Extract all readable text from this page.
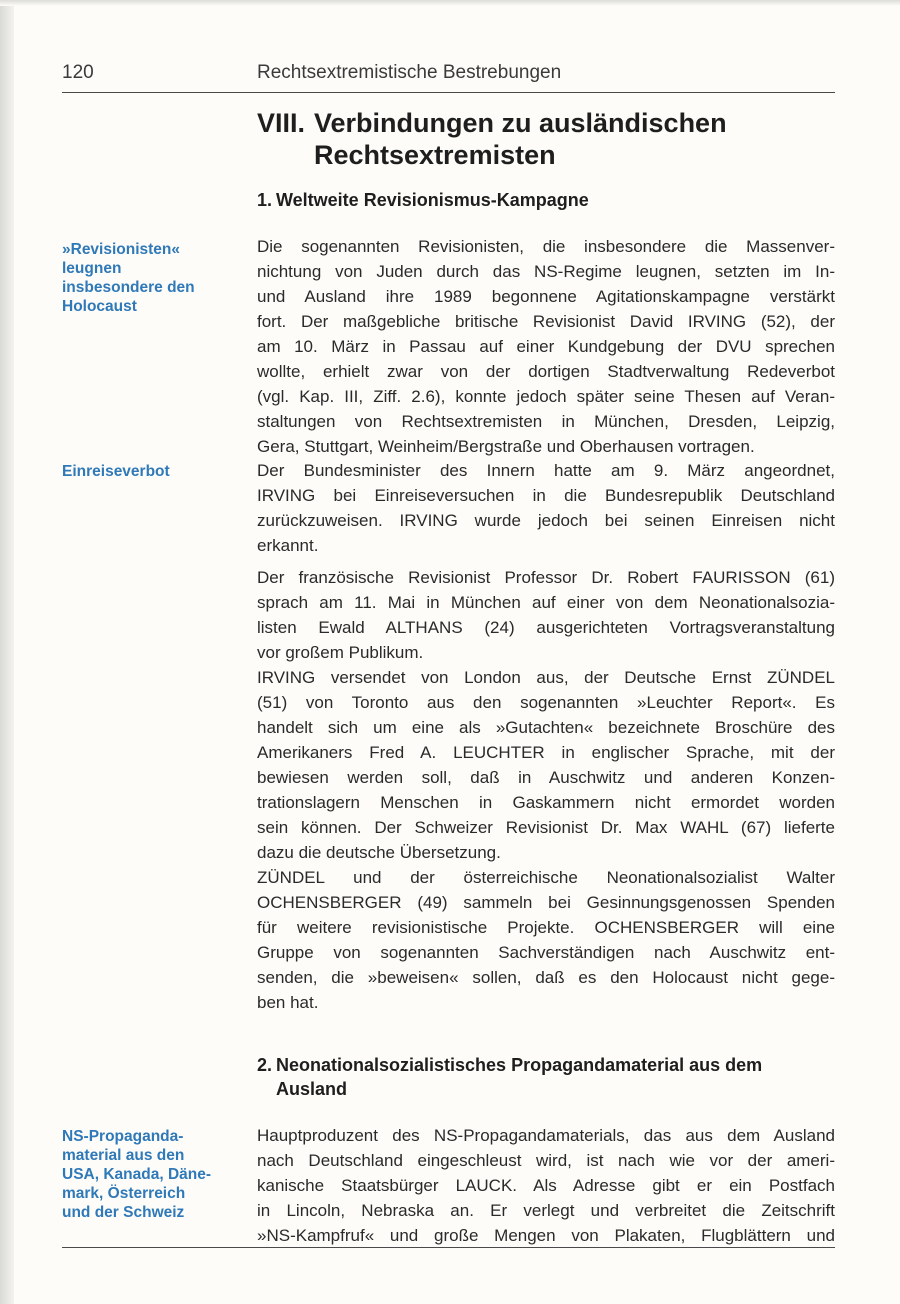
120	Rechtsextremistische Bestrebungen
VIII. Verbindungen zu ausländischen
Rechtsextremisten
1. Weltweite Revisionismus-Kampagne
»Revisionisten«
leugnen
insbesondere den
Holocaust

Die sogenannten Revisionisten, die insbesondere die Massenver-
nichtung von Juden durch das NS-Regime leugnen, setzten im In-
und Ausland ihre 1989 begonnene Agitationskampagne verstärkt
fort. Der maßgebliche britische Revisionist David IRVING (52), der
am 10. März in Passau auf einer Kundgebung der DVU sprechen
wollte, erhielt zwar von der dortigen Stadtverwaltung Redeverbot
(vgl. Kap. III, Ziff. 2.6), konnte jedoch später seine Thesen auf Veran-
staltungen von Rechtsextremisten in München, Dresden, Leipzig,
Gera, Stuttgart, Weinheim/Bergstraße und Oberhausen vortragen.

Einreiseverbot	Der Bundesminister des Innern hatte am 9. März angeordnet,
IRVING bei Einreiseversuchen in die Bundesrepublik Deutschland
zurückzuweisen. IRVING wurde jedoch bei seinen Einreisen nicht
erkannt.

Der französische Revisionist Professor Dr. Robert FAURISSON (61)
sprach am 11. Mai in München auf einer von dem Neonationalsozia-
listen Ewald ALTHANS (24) ausgerichteten Vortragsveranstaltung
vor großem Publikum.
IRVING versendet von London aus, der Deutsche Ernst ZÜNDEL
(51) von Toronto aus den sogenannten »Leuchter Report«. Es
handelt sich um eine als »Gutachten« bezeichnete Broschüre des
Amerikaners Fred A. LEUCHTER in englischer Sprache, mit der
bewiesen werden soll, daß in Auschwitz und anderen Konzen-
trationslagern Menschen in Gaskammern nicht ermordet worden
sein können. Der Schweizer Revisionist Dr. Max WAHL (67) lieferte
dazu die deutsche Übersetzung.
ZÜNDEL und der österreichische Neonationalsozialist Walter
OCHENSBERGER (49) sammeln bei Gesinnungsgenossen Spenden
für weitere revisionistische Projekte. OCHENSBERGER will eine
Gruppe von sogenannten Sachverständigen nach Auschwitz ent-
senden, die »beweisen« sollen, daß es den Holocaust nicht gege-
ben hat.

2. Neonationalsozialistisches Propagandamaterial aus dem
Ausland
NS-Propaganda-
material aus den
USA, Kanada, Däne-
mark, Österreich
und der Schweiz

Hauptproduzent des NS-Propagandamaterials, das aus dem Ausland
nach Deutschland eingeschleust wird, ist nach wie vor der ameri-
kanische Staatsbürger LAUCK. Als Adresse gibt er ein Postfach
in Lincoln, Nebraska an. Er verlegt und verbreitet die Zeitschrift
»NS-Kampfruf« und große Mengen von Plakaten, Flugblättern und
